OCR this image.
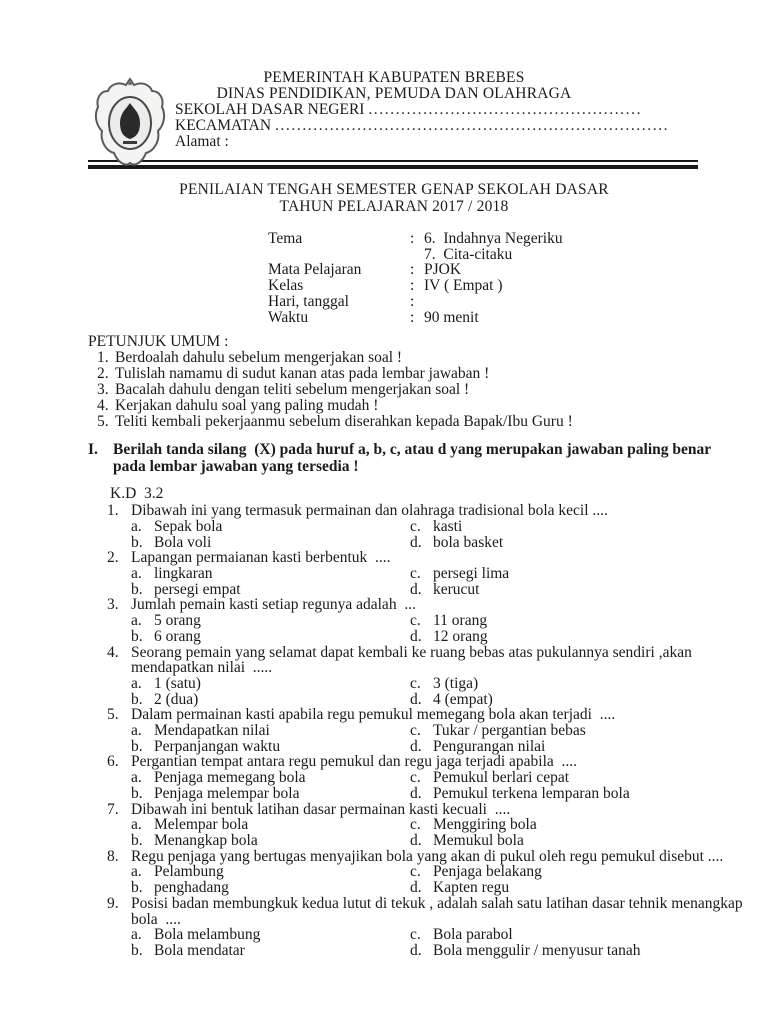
PEMERINTAH KABUPATEN BREBES
DINAS PENDIDIKAN, PEMUDA DAN OLAHRAGA
SEKOLAH DASAR NEGERI ..................................................
KECAMATAN ........................................................................
Alamat :
PENILAIAN TENGAH SEMESTER GENAP SEKOLAH DASAR
TAHUN PELAJARAN 2017 / 2018
Tema	: 6.  Indahnya Negeriku
7.  Cita-citaku
Mata Pelajaran	: PJOK
Kelas	: IV ( Empat )
Hari, tanggal	:
Waktu	: 90 menit
PETUNJUK UMUM :
1. Berdoalah dahulu sebelum mengerjakan soal !
2. Tulislah namamu di sudut kanan atas pada lembar jawaban !
3. Bacalah dahulu dengan teliti sebelum mengerjakan soal !
4. Kerjakan dahulu soal yang paling mudah !
5. Teliti kembali pekerjaanmu sebelum diserahkan kepada Bapak/Ibu Guru !
I. Berilah tanda silang  (X) pada huruf a, b, c, atau d yang merupakan jawaban paling benar
pada lembar jawaban yang tersedia !
K.D  3.2
1. Dibawah ini yang termasuk permainan dan olahraga tradisional bola kecil ....
a. Sepak bola	c. kasti
b. Bola voli	d. bola basket
2. Lapangan permaianan kasti berbentuk  ....
a. lingkaran	c. persegi lima
b. persegi empat	d. kerucut
3. Jumlah pemain kasti setiap regunya adalah  ...
a. 5 orang	c. 11 orang
b. 6 orang	d. 12 orang
4. Seorang pemain yang selamat dapat kembali ke ruang bebas atas pukulannya sendiri ,akan mendapatkan nilai  .....
a. 1 (satu)	c. 3 (tiga)
b. 2 (dua)	d. 4 (empat)
5. Dalam permainan kasti apabila regu pemukul memegang bola akan terjadi  ....
a. Mendapatkan nilai	c. Tukar / pergantian bebas
b. Perpanjangan waktu	d. Pengurangan nilai
6. Pergantian tempat antara regu pemukul dan regu jaga terjadi apabila  ....
a. Penjaga memegang bola	c. Pemukul berlari cepat
b. Penjaga melempar bola	d. Pemukul terkena lemparan bola
7. Dibawah ini bentuk latihan dasar permainan kasti kecuali  ....
a. Melempar bola	c. Menggiring bola
b. Menangkap bola	d. Memukul bola
8. Regu penjaga yang bertugas menyajikan bola yang akan di pukul oleh regu pemukul disebut ....
a. Pelambung	c. Penjaga belakang
b. penghadang	d. Kapten regu
9. Posisi badan membungkuk kedua lutut di tekuk , adalah salah satu latihan dasar tehnik menangkap bola  ....
a. Bola melambung	c. Bola parabol
b. Bola mendatar	d. Bola menggulir / menyusur tanah
